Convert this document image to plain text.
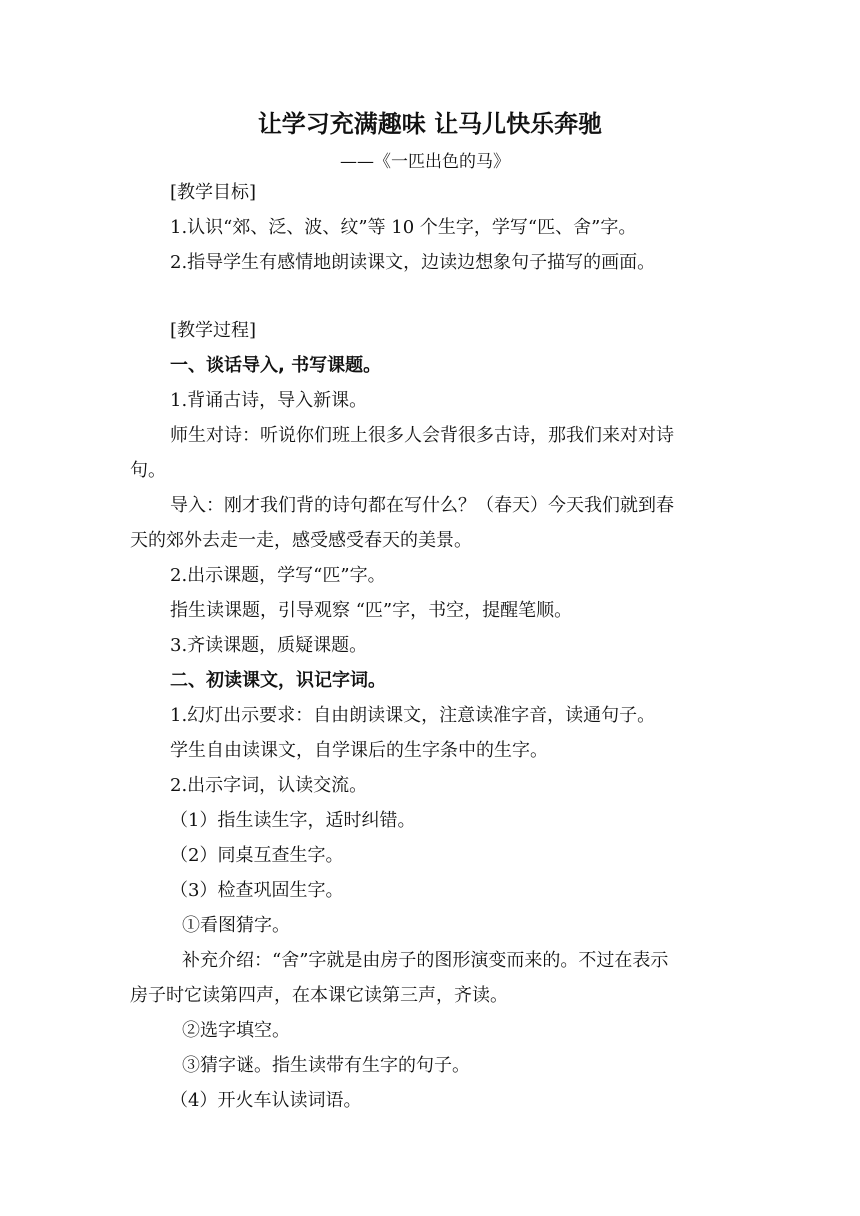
让学习充满趣味 让马儿快乐奔驰
——《一匹出色的马》
[教学目标]
1.认识“郊、泛、波、纹”等 10 个生字，学写“匹、舍”字。
2.指导学生有感情地朗读课文，边读边想象句子描写的画面。
[教学过程]
一、谈话导入, 书写课题。
1.背诵古诗，导入新课。
师生对诗：听说你们班上很多人会背很多古诗，那我们来对对诗
句。
导入：刚才我们背的诗句都在写什么？（春天）今天我们就到春
天的郊外去走一走，感受感受春天的美景。
2.出示课题，学写“匹”字。
指生读课题，引导观察 “匹”字，书空，提醒笔顺。
3.齐读课题，质疑课题。
二、初读课文，识记字词。
1.幻灯出示要求：自由朗读课文，注意读准字音，读通句子。
学生自由读课文，自学课后的生字条中的生字。
2.出示字词，认读交流。
（1）指生读生字，适时纠错。
（2）同桌互查生字。
（3）检查巩固生字。
①看图猜字。
补充介绍：“舍”字就是由房子的图形演变而来的。不过在表示
房子时它读第四声，在本课它读第三声，齐读。
②选字填空。
③猜字谜。指生读带有生字的句子。
（4）开火车认读词语。
